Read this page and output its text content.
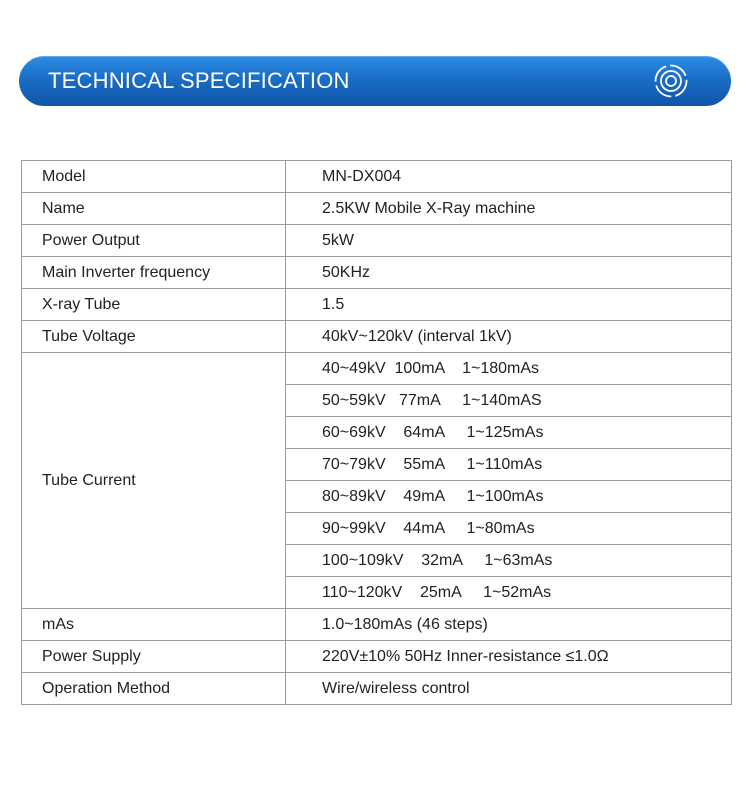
TECHNICAL SPECIFICATION
Model	MN-DX004
Name	2.5KW Mobile X-Ray machine
Power Output	5kW
Main Inverter frequency	50KHz
X-ray Tube	1.5
Tube Voltage	40kV~120kV (interval 1kV)
Tube Current	40~49kV  100mA    1~180mAs
	50~59kV   77mA     1~140mAS
	60~69kV    64mA     1~125mAs
	70~79kV    55mA     1~110mAs
	80~89kV    49mA     1~100mAs
	90~99kV    44mA     1~80mAs
	100~109kV    32mA     1~63mAs
	110~120kV    25mA     1~52mAs
mAs	1.0~180mAs (46 steps)
Power Supply	220V±10% 50Hz Inner-resistance ≤1.0Ω
Operation Method	Wire/wireless control
